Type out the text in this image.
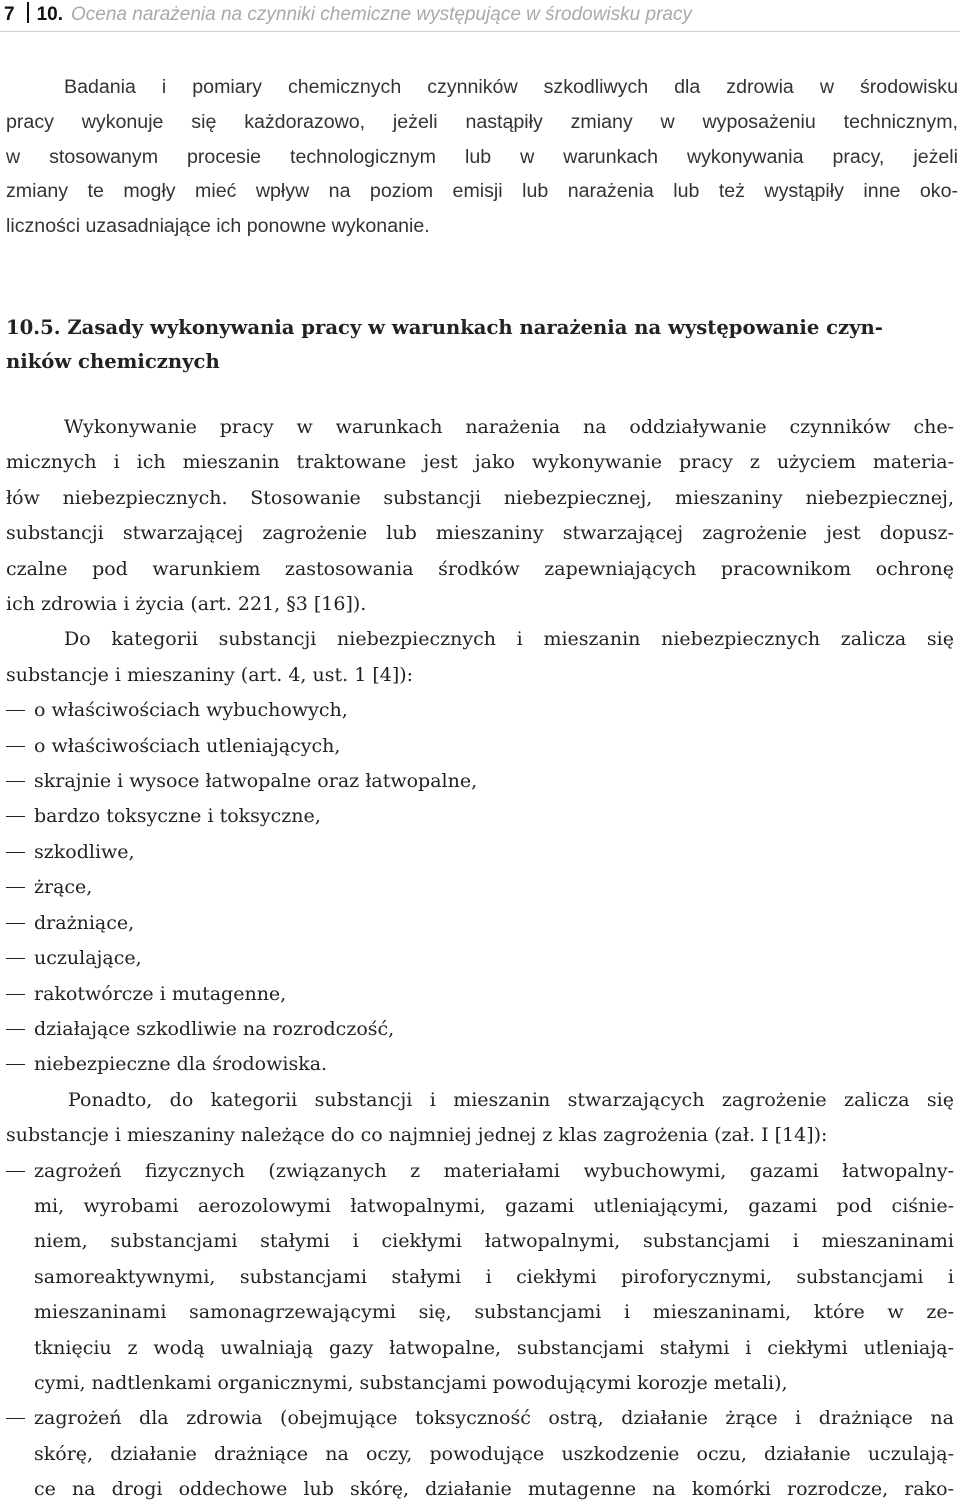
7 10. Ocena narażenia na czynniki chemiczne występujące w środowisku pracy
Badania i pomiary chemicznych czynników szkodliwych dla zdrowia w środowisku
pracy wykonuje się każdorazowo, jeżeli nastąpiły zmiany w wyposażeniu technicznym,
w stosowanym procesie technologicznym lub w warunkach wykonywania pracy, jeżeli
zmiany te mogły mieć wpływ na poziom emisji lub narażenia lub też wystąpiły inne oko-
liczności uzasadniające ich ponowne wykonanie.
10.5. Zasady wykonywania pracy w warunkach narażenia na występowanie czyn-
ników chemicznych
Wykonywanie pracy w warunkach narażenia na oddziaływanie czynników che-
micznych i ich mieszanin traktowane jest jako wykonywanie pracy z użyciem materia-
łów niebezpiecznych. Stosowanie substancji niebezpiecznej, mieszaniny niebezpiecznej,
substancji stwarzającej zagrożenie lub mieszaniny stwarzającej zagrożenie jest dopusz-
czalne pod warunkiem zastosowania środków zapewniających pracownikom ochronę
ich zdrowia i życia (art. 221, §3 [16]).
Do kategorii substancji niebezpiecznych i mieszanin niebezpiecznych zalicza się
substancje i mieszaniny (art. 4, ust. 1 [4]):
o właściwościach wybuchowych,
o właściwościach utleniających,
skrajnie i wysoce łatwopalne oraz łatwopalne,
bardzo toksyczne i toksyczne,
szkodliwe,
żrące,
drażniące,
uczulające,
rakotwórcze i mutagenne,
działające szkodliwie na rozrodczość,
niebezpieczne dla środowiska.
Ponadto, do kategorii substancji i mieszanin stwarzających zagrożenie zalicza się
substancje i mieszaniny należące do co najmniej jednej z klas zagrożenia (zał. I [14]):
zagrożeń fizycznych (związanych z materiałami wybuchowymi, gazami łatwopalny-
mi, wyrobami aerozolowymi łatwopalnymi, gazami utleniającymi, gazami pod ciśnie-
niem, substancjami stałymi i ciekłymi łatwopalnymi, substancjami i mieszaninami
samoreaktywnymi, substancjami stałymi i ciekłymi piroforycznymi, substancjami i
mieszaninami samonagrzewającymi się, substancjami i mieszaninami, które w ze-
tknięciu z wodą uwalniają gazy łatwopalne, substancjami stałymi i ciekłymi utleniają-
cymi, nadtlenkami organicznymi, substancjami powodującymi korozje metali),
zagrożeń dla zdrowia (obejmujące toksyczność ostrą, działanie żrące i drażniące na
skórę, działanie drażniące na oczy, powodujące uszkodzenie oczu, działanie uczulają-
ce na drogi oddechowe lub skórę, działanie mutagenne na komórki rozrodcze, rako-
